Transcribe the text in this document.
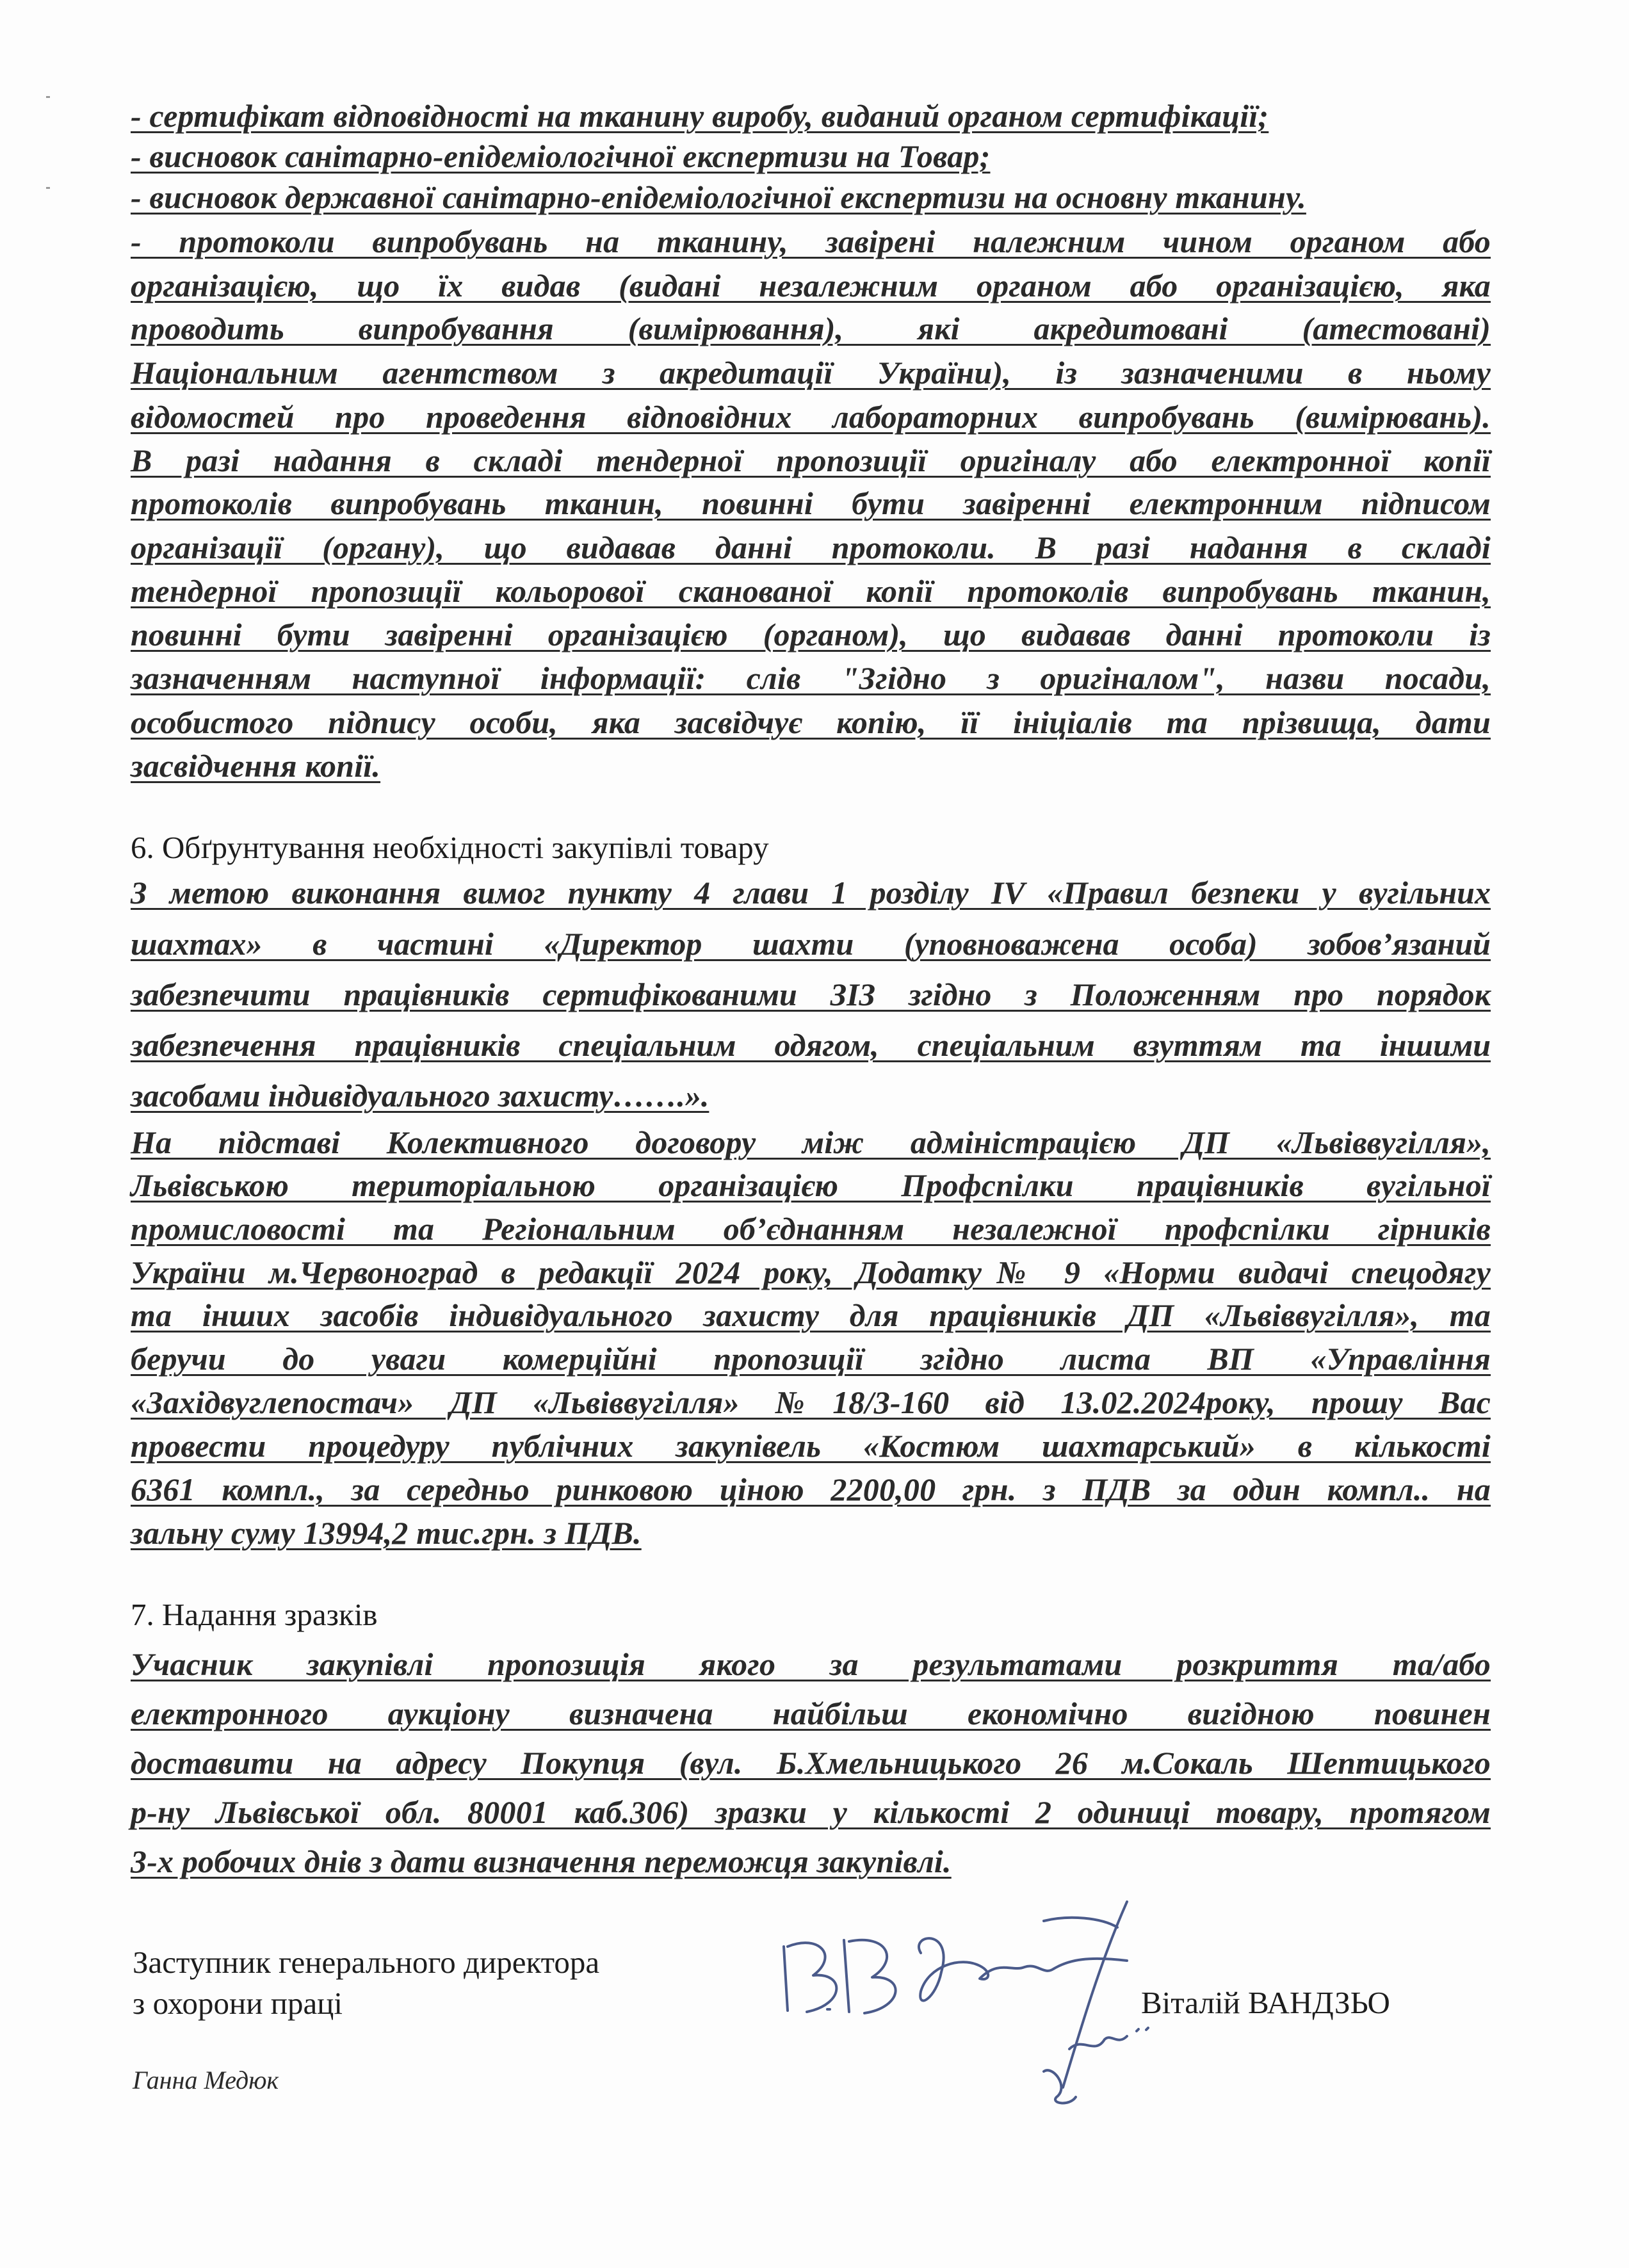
- сертифікат відповідності на тканину виробу, виданий органом сертифікації;
- висновок санітарно-епідеміологічної експертизи на Товар;
- висновок державної санітарно-епідеміологічної експертизи на основну тканину.
- протоколи випробувань на тканину, завірені належним чином органом або
організацією, що їх видав (видані незалежним органом або організацією, яка
проводить випробування (вимірювання), які акредитовані (атестовані)
Національним агентством з акредитації України), із зазначеними в ньому
відомостей про проведення відповідних лабораторних випробувань (вимірювань).
В разі надання в складі тендерної пропозиції оригіналу або електронної копії
протоколів випробувань тканин, повинні бути завіренні електронним підписом
організації (органу), що видавав данні протоколи. В разі надання в складі
тендерної пропозиції кольорової сканованої копії протоколів випробувань тканин,
повинні бути завіренні організацією (органом), що видавав данні протоколи із
зазначенням наступної інформації: слів "Згідно з оригіналом", назви посади,
особистого підпису особи, яка засвідчує копію, її ініціалів та прізвища, дати
засвідчення копії.
6. Обґрунтування необхідності закупівлі товару
З метою виконання вимог пункту 4 глави 1 розділу IV «Правил безпеки у вугільних
шахтах» в частині «Директор шахти (уповноважена особа) зобов’язаний
забезпечити працівників сертифікованими ЗІЗ згідно з Положенням про порядок
забезпечення працівників спеціальним одягом, спеціальним взуттям та іншими
засобами індивідуального захисту…….».
На підставі Колективного договору між адміністрацією ДП «Львіввугілля»,
Львівською територіальною організацією Профспілки працівників вугільної
промисловості та Регіональним об’єднанням незалежної профспілки гірників
України м.Червоноград в редакції 2024 року, Додатку№ 9 «Норми видачі спецодягу
та інших засобів індивідуального захисту для працівників ДП «Львіввугілля», та
беручи до уваги комерційні пропозиції згідно листа ВП «Управління
«Західвуглепостач» ДП «Львіввугілля» №18/3-160 від 13.02.2024року, прошу Вас
провести процедуру публічних закупівель «Костюм шахтарський» в кількості
6361 компл., за середньо ринковою ціною 2200,00 грн. з ПДВ за один компл.. на
зальну суму 13994,2 тис.грн. з ПДВ.
7. Надання зразків
Учасник закупівлі пропозиція якого за результатами розкриття та/або
електронного аукціону визначена найбільш економічно вигідною повинен
доставити на адресу Покупця (вул. Б.Хмельницького 26 м.Сокаль Шептицького
р-ну Львівської обл. 80001 каб.306) зразки у кількості 2 одиниці товару, протягом
3-х робочих днів з дати визначення переможця закупівлі.
Заступник генерального директора
з охорони праці	Віталій ВАНДЗЬО
Ганна Медюк
